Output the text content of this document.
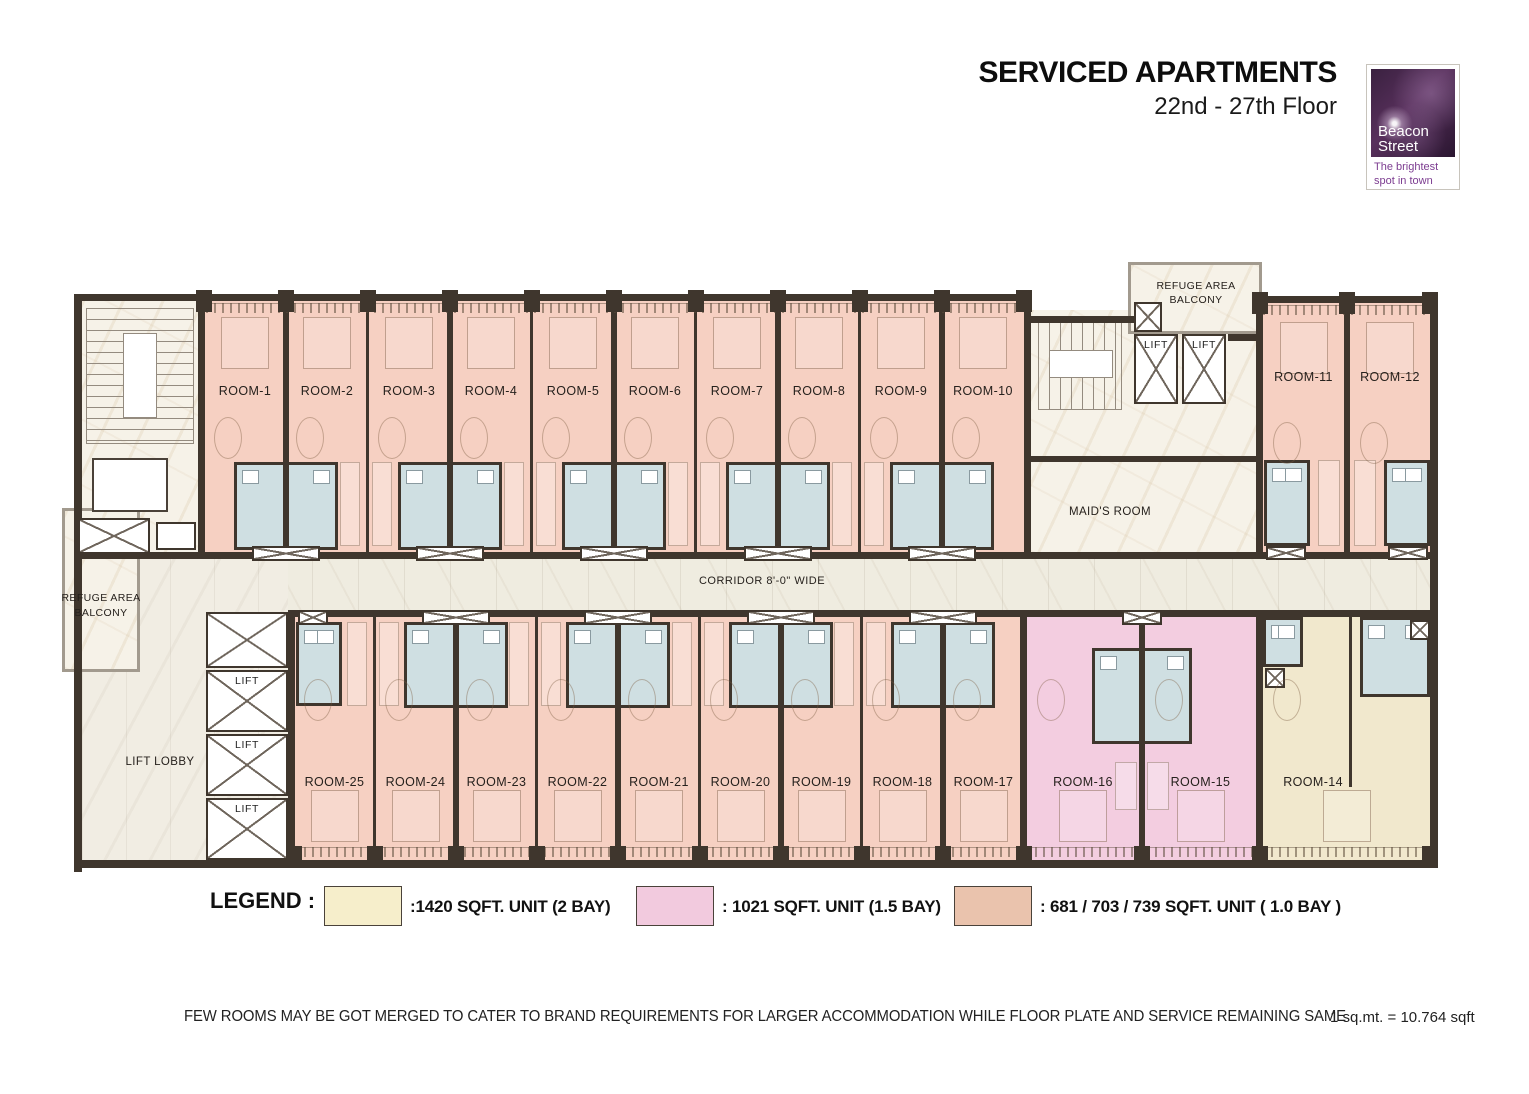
SERVICED APARTMENTS
22nd - 27th Floor
Beacon
Street
The brightest
spot in town
LIFT	LIFT
LIFT
LIFT
LIFT
ROOM-1 ROOM-2 ROOM-3 ROOM-4 ROOM-5 ROOM-6 ROOM-7 ROOM-8 ROOM-9 ROOM-10
ROOM-11 ROOM-12
ROOM-25 ROOM-24 ROOM-23 ROOM-22 ROOM-21 ROOM-20 ROOM-19 ROOM-18 ROOM-17	ROOM-16	ROOM-15	ROOM-14
CORRIDOR 8'-0" WIDE
LIFT LOBBY
MAID'S ROOM
REFUGE AREA
BALCONY
REFUGE AREA
BALCONY
LEGEND :	:1420 SQFT. UNIT (2 BAY)	: 1021 SQFT. UNIT (1.5 BAY)	: 681 / 703 / 739 SQFT. UNIT ( 1.0 BAY )
FEW ROOMS MAY BE GOT MERGED TO CATER TO BRAND REQUIREMENTS FOR LARGER ACCOMMODATION WHILE FLOOR PLATE AND SERVICE REMAINING SAME
1 sq.mt. = 10.764 sqft
